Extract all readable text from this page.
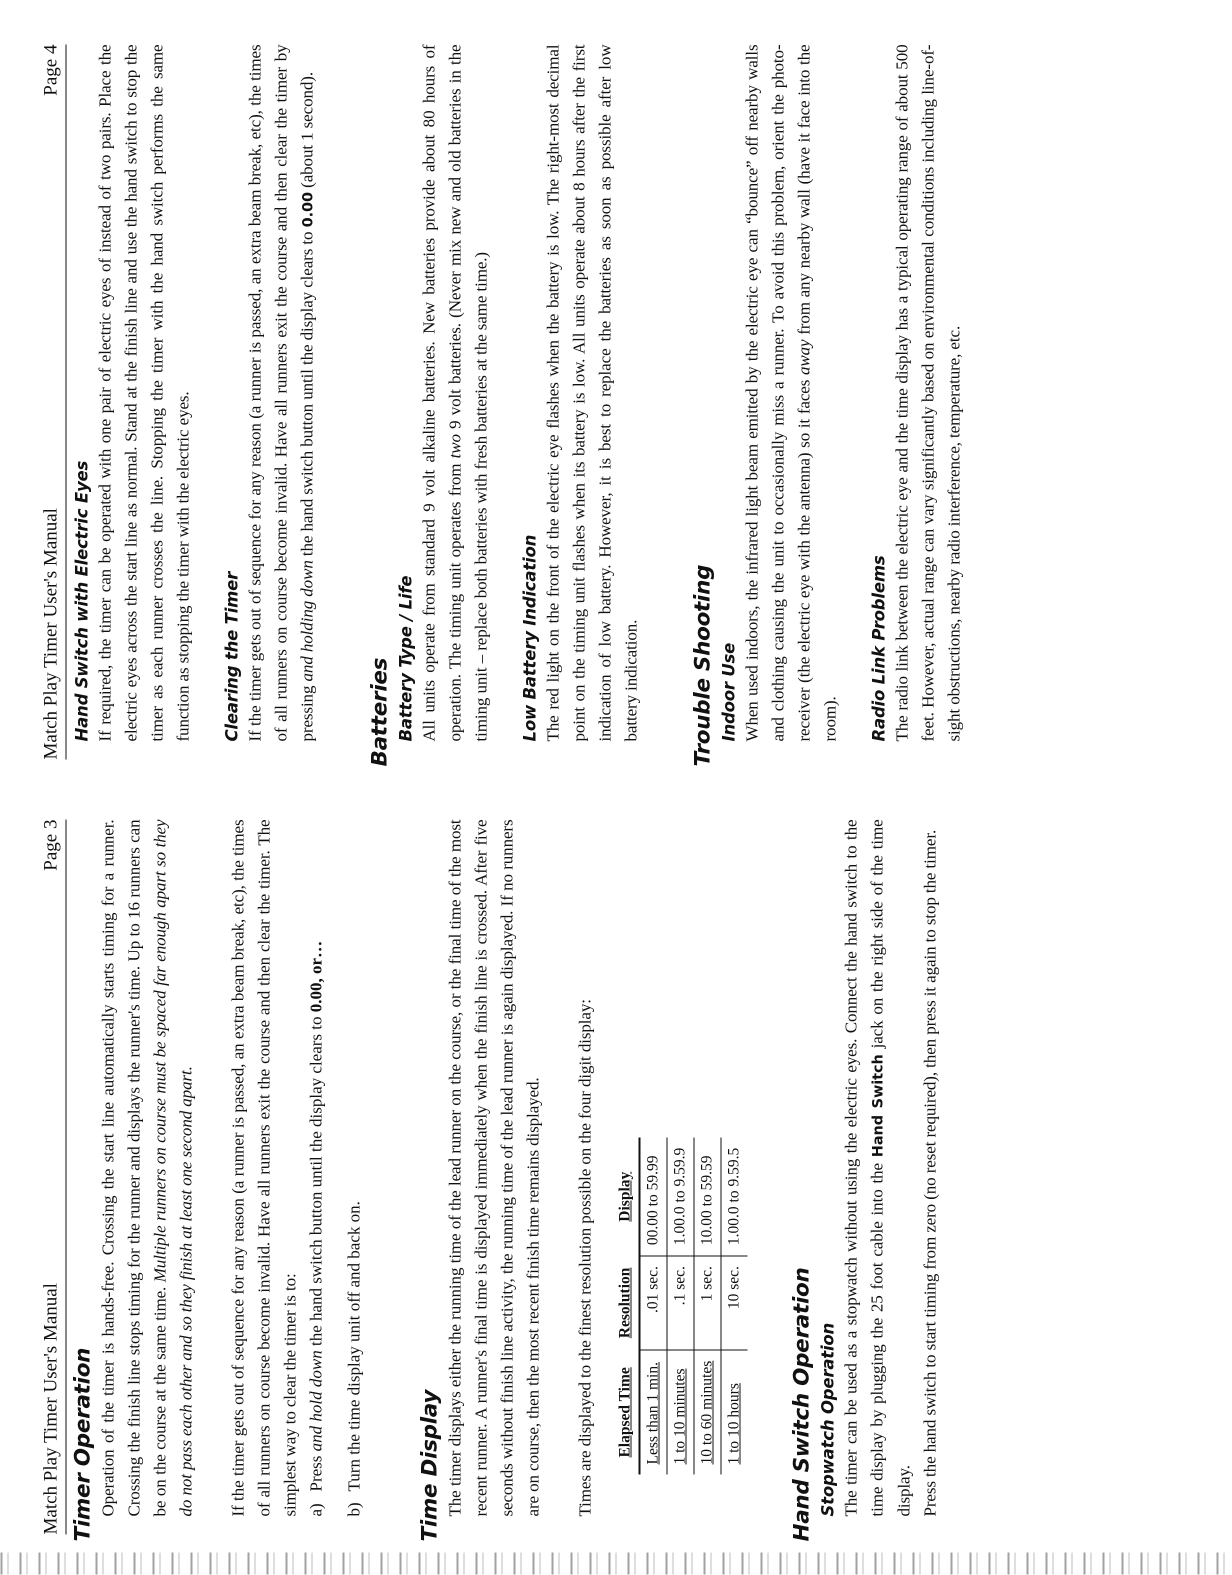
Match Play Timer User's Manual
Page 3
Timer Operation Operation of the timer is hands-free. Crossing the start line automatically starts timing for a runner. Crossing the finish line stops timing for the runner and displays the runner's time. Up to 16 runners can be on the course at the same time. Multiple runners on course must be spaced far enough apart so they do not pass each other and so they finish at least one second apart. If the timer gets out of sequence for any reason (a runner is passed, an extra beam break, etc), the times of all runners on course become invalid. Have all runners exit the course and then clear the timer. The simplest way to clear the timer is to: a)
Press and hold down the hand switch button until the display clears to 0.00, or…
b)
Turn the time display unit off and back on.	Time Display The timer displays either the running time of the lead runner on the course, or the final time of the most recent runner. A runner's final time is displayed immediately when the finish line is crossed. After five seconds without finish line activity, the running time of the lead runner is again displayed. If no runners are on course, then the most recent finish time remains displayed. Times are displayed to the finest resolution possible on the four digit display: Elapsed Time	Resolution	Display
Less than 1 min.	.01 sec.	00.00 to 59.99
1 to 10 minutes	.1 sec.	1.00.0 to 9.59.9
10 to 60 minutes	1 sec.	10.00 to 59.59
1 to 10 hours	10 sec.	1.00.0 to 9.59.5
Hand Switch Operation Stopwatch Operation The timer can be used as a stopwatch without using the electric eyes. Connect the hand switch to the time display by plugging the 25 foot cable into the Hand Switch jack on the right side of the time display. Press the hand switch to start timing from zero (no reset required), then press it again to stop the timer.

Match Play Timer User's Manual
Page 4
Hand Switch with Electric Eyes If required, the timer can be operated with one pair of electric eyes of instead of two pairs. Place the electric eyes across the start line as normal. Stand at the finish line and use the hand switch to stop the timer as each runner crosses the line. Stopping the timer with the hand switch performs the same function as stopping the timer with the electric eyes. Clearing the Timer If the timer gets out of sequence for any reason (a runner is passed, an extra beam break, etc), the times of all runners on course become invalid. Have all runners exit the course and then clear the timer by pressing and holding down the hand switch button until the display clears to 0.00 (about 1 second).

Batteries Battery Type / Life All units operate from standard 9 volt alkaline batteries. New batteries provide about 80 hours of operation. The timing unit operates from two 9 volt batteries. (Never mix new and old batteries in the timing unit – replace both batteries with fresh batteries at the same time.) Low Battery Indication The red light on the front of the electric eye flashes when the battery is low. The right-most decimal point on the timing unit flashes when its battery is low. All units operate about 8 hours after the first indication of low battery. However, it is best to replace the batteries as soon as possible after low battery indication. Trouble Shooting Indoor Use When used indoors, the infrared light beam emitted by the electric eye can “bounce” off nearby walls and clothing causing the unit to occasionally miss a runner. To avoid this problem, orient the photo-receiver (the electric eye with the antenna) so it faces away from any nearby wall (have it face into the room). Radio Link Problems The radio link between the electric eye and the time display has a typical operating range of about 500 feet. However, actual range can vary significantly based on environmental conditions including line-of-sight obstructions, nearby radio interference, temperature, etc.
